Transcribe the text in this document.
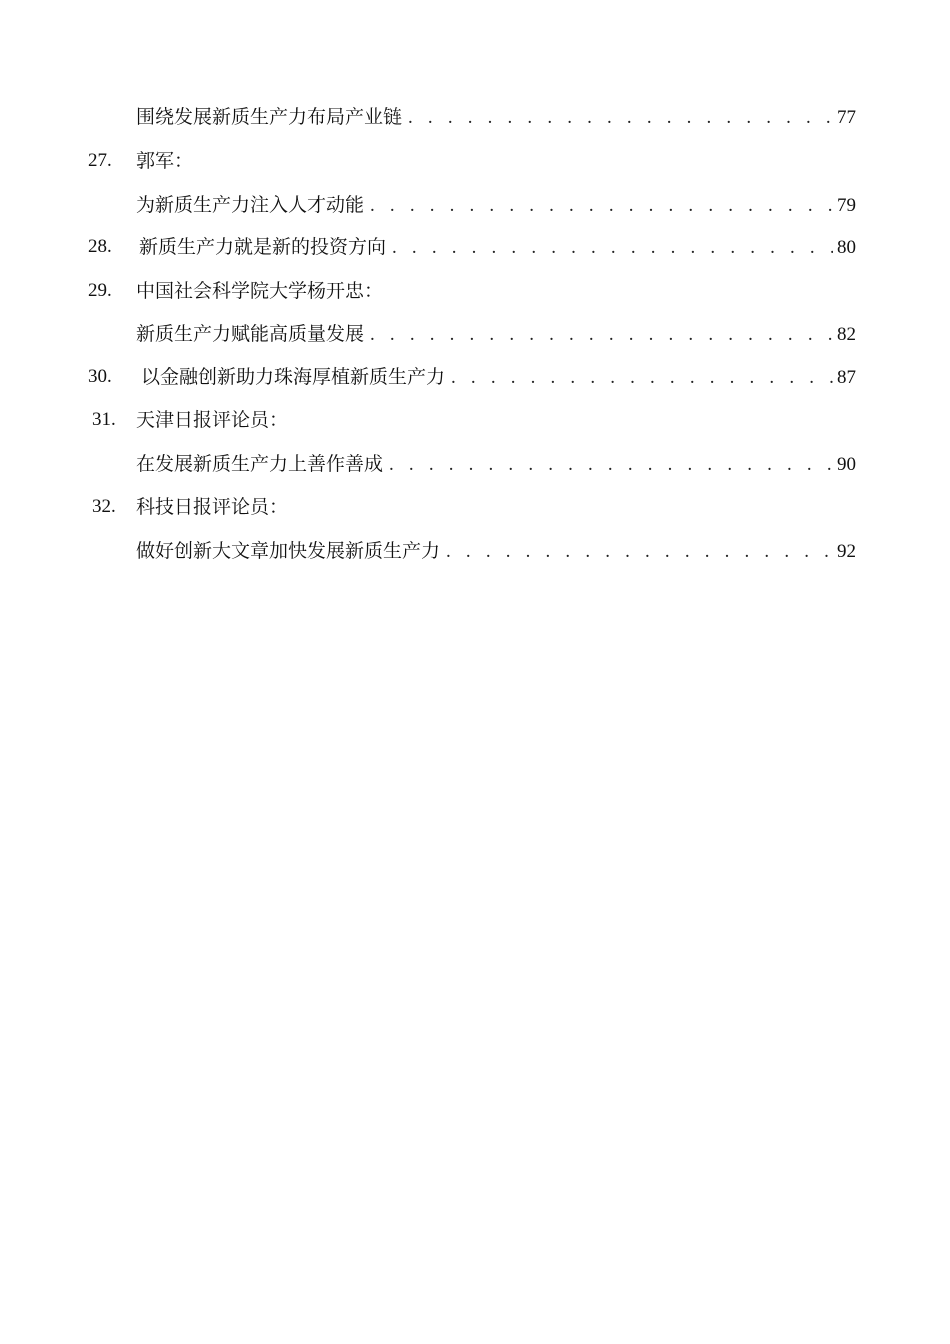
围绕发展新质生产力布局产业链 . . .	77
27. 郭军：
为新质生产力注入人才动能 . . .	79
28. 新质生产力就是新的投资方向 . . .	80
29. 中国社会科学院大学杨开忠：
新质生产力赋能高质量发展 . . .	82
30. 以金融创新助力珠海厚植新质生产力 . . .	87
31. 天津日报评论员：
在发展新质生产力上善作善成 . . .	90
32. 科技日报评论员：
做好创新大文章加快发展新质生产力 . . .	92
